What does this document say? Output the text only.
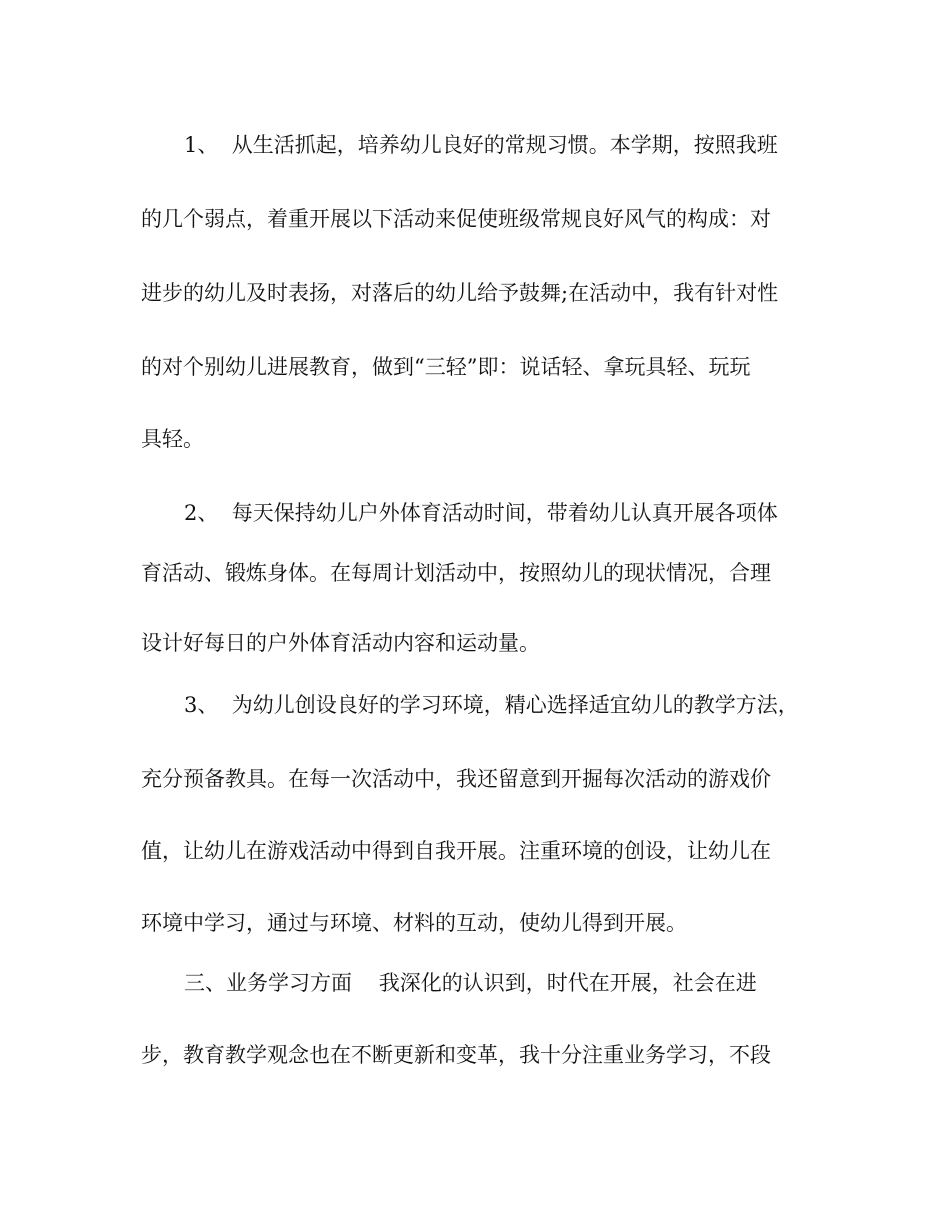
1、  从生活抓起，培养幼儿良好的常规习惯。本学期，按照我班
的几个弱点，着重开展以下活动来促使班级常规良好风气的构成：对
进步的幼儿及时表扬，对落后的幼儿给予鼓舞;在活动中，我有针对性
的对个别幼儿进展教育，做到“三轻”即：说话轻、拿玩具轻、玩玩
具轻。
2、  每天保持幼儿户外体育活动时间，带着幼儿认真开展各项体
育活动、锻炼身体。在每周计划活动中，按照幼儿的现状情况，合理
设计好每日的户外体育活动内容和运动量。
3、  为幼儿创设良好的学习环境，精心选择适宜幼儿的教学方法，
充分预备教具。在每一次活动中，我还留意到开掘每次活动的游戏价
值，让幼儿在游戏活动中得到自我开展。注重环境的创设，让幼儿在
环境中学习，通过与环境、材料的互动，使幼儿得到开展。
三、业务学习方面    我深化的认识到，时代在开展，社会在进
步，教育教学观念也在不断更新和变革，我十分注重业务学习，不段
